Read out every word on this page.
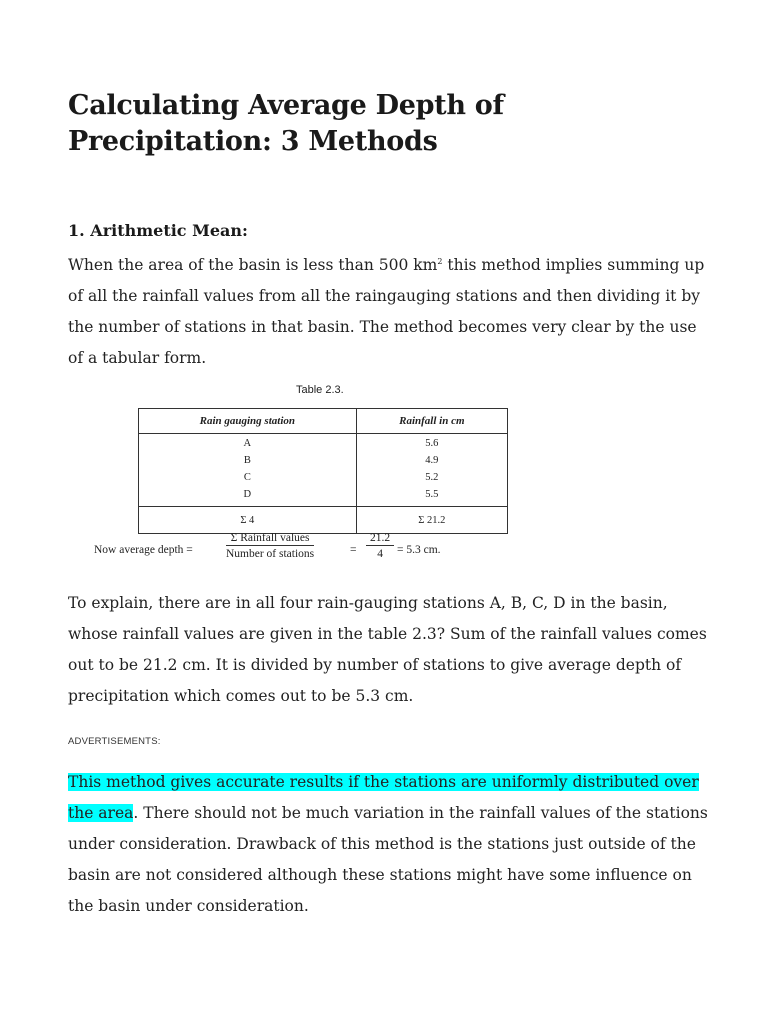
Calculating Average Depth of Precipitation: 3 Methods
1. Arithmetic Mean:

When the area of the basin is less than 500 $km^2$ this method implies summing up of all the rainfall values from all the raingauging stations and then dividing it by the number of stations in that basin. The method becomes very clear by the use of a tabular form.

Table 2.3.
Rain gauging station	Rainfall in cm
A	5.6
B	4.9
C	5.2
D	5.5
Σ 4	Σ 21.2
Now average depth =
Σ Rainfall values
Number of stations	= $\frac{21.2}{4} = 5.3$ cm.

To explain, there are in all four rain-gauging stations A, B, C, D in the basin, whose rainfall values are given in the table 2.3? Sum of the rainfall values comes out to be 21.2 cm. It is divided by number of stations to give average depth of precipitation which comes out to be 5.3 cm.

ADVERTISEMENTS:

This method gives accurate results if the stations are uniformly distributed over the area. There should not be much variation in the rainfall values of the stations under consideration. Drawback of this method is the stations just outside of the basin are not considered although these stations might have some influence on the basin under consideration.
